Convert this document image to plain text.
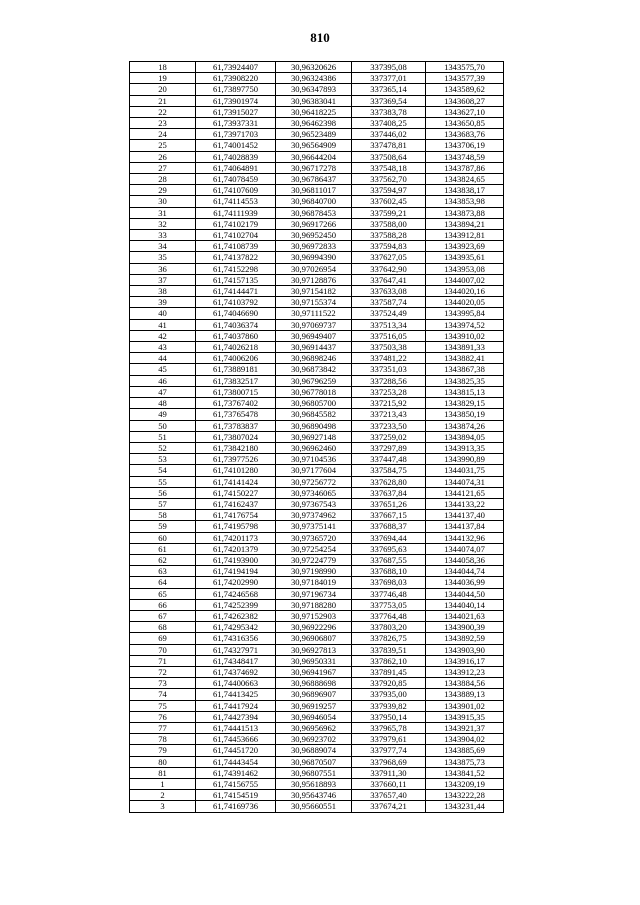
810
18	61,73924407	30,96320626	337395,08	1343575,70
19	61,73908220	30,96324386	337377,01	1343577,39
20	61,73897750	30,96347893	337365,14	1343589,62
21	61,73901974	30,96383041	337369,54	1343608,27
22	61,73915027	30,96418225	337383,78	1343627,10
23	61,73937331	30,96462398	337408,25	1343650,85
24	61,73971703	30,96523489	337446,02	1343683,76
25	61,74001452	30,96564909	337478,81	1343706,19
26	61,74028839	30,96644204	337508,64	1343748,59
27	61,74064891	30,96717278	337548,18	1343787,86
28	61,74078459	30,96786437	337562,70	1343824,65
29	61,74107609	30,96811017	337594,97	1343838,17
30	61,74114553	30,96840700	337602,45	1343853,98
31	61,74111939	30,96878453	337599,21	1343873,88
32	61,74102179	30,96917266	337588,00	1343894,21
33	61,74102704	30,96952450	337588,28	1343912,81
34	61,74108739	30,96972833	337594,83	1343923,69
35	61,74137822	30,96994390	337627,05	1343935,61
36	61,74152298	30,97026954	337642,90	1343953,08
37	61,74157135	30,97128876	337647,41	1344007,02
38	61,74144471	30,97154182	337633,08	1344020,16
39	61,74103792	30,97155374	337587,74	1344020,05
40	61,74046690	30,97111522	337524,49	1343995,84
41	61,74036374	30,97069737	337513,34	1343974,52
42	61,74037860	30,96949407	337516,05	1343910,02
43	61,74026218	30,96914437	337503,38	1343891,33
44	61,74006206	30,96898246	337481,22	1343882,41
45	61,73889181	30,96873842	337351,03	1343867,38
46	61,73832517	30,96796259	337288,56	1343825,35
47	61,73800715	30,96778018	337253,28	1343815,13
48	61,73767402	30,96805700	337215,92	1343829,15
49	61,73765478	30,96845582	337213,43	1343850,19
50	61,73783837	30,96890498	337233,50	1343874,26
51	61,73807024	30,96927148	337259,02	1343894,05
52	61,73842180	30,96962460	337297,89	1343913,35
53	61,73977526	30,97104536	337447,48	1343990,89
54	61,74101280	30,97177604	337584,75	1344031,75
55	61,74141424	30,97256772	337628,80	1344074,31
56	61,74150227	30,97346065	337637,84	1344121,65
57	61,74162437	30,97367543	337651,26	1344133,22
58	61,74176754	30,97374962	337667,15	1344137,40
59	61,74195798	30,97375141	337688,37	1344137,84
60	61,74201173	30,97365720	337694,44	1344132,96
61	61,74201379	30,97254254	337695,63	1344074,07
62	61,74193900	30,97224779	337687,55	1344058,36
63	61,74194194	30,97198990	337688,10	1344044,74
64	61,74202990	30,97184019	337698,03	1344036,99
65	61,74246568	30,97196734	337746,48	1344044,50
66	61,74252399	30,97188280	337753,05	1344040,14
67	61,74262382	30,97152903	337764,48	1344021,63
68	61,74295342	30,96922296	337803,20	1343900,39
69	61,74316356	30,96906807	337826,75	1343892,59
70	61,74327971	30,96927813	337839,51	1343903,90
71	61,74348417	30,96950331	337862,10	1343916,17
72	61,74374692	30,96941967	337891,45	1343912,23
73	61,74400663	30,96888698	337920,85	1343884,56
74	61,74413425	30,96896907	337935,00	1343889,13
75	61,74417924	30,96919257	337939,82	1343901,02
76	61,74427394	30,96946054	337950,14	1343915,35
77	61,74441513	30,96956962	337965,78	1343921,37
78	61,74453666	30,96923702	337979,61	1343904,02
79	61,74451720	30,96889074	337977,74	1343885,69
80	61,74443454	30,96870507	337968,69	1343875,73
81	61,74391462	30,96807551	337911,30	1343841,52
1	61,74156755	30,95618893	337660,11	1343209,19
2	61,74154519	30,95643746	337657,40	1343222,28
3	61,74169736	30,95660551	337674,21	1343231,44
